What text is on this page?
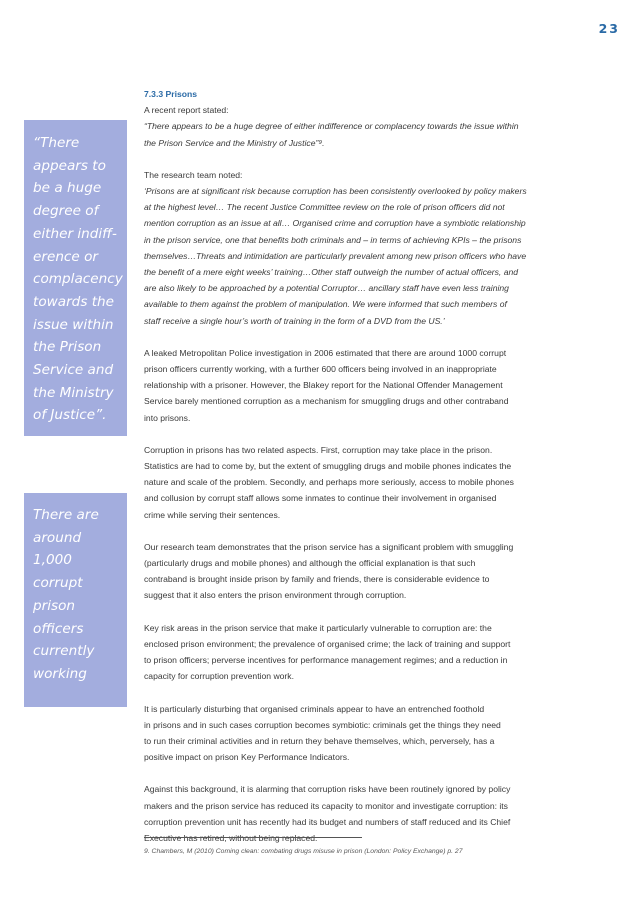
23
“There
appears to
be a huge
degree of
either indiff-
erence or
complacency
towards the
issue within
the Prison
Service and
the Ministry
of Justice”.
There are
around
1,000
corrupt
prison
officers
currently
working
7.3.3 Prisons
A recent report stated:
“There appears to be a huge degree of either indifference or complacency towards the issue within
the Prison Service and the Ministry of Justice”⁹.
The research team noted:
‘Prisons are at significant risk because corruption has been consistently overlooked by policy makers
at the highest level… The recent Justice Committee review on the role of prison officers did not
mention corruption as an issue at all… Organised crime and corruption have a symbiotic relationship
in the prison service, one that benefits both criminals and – in terms of achieving KPIs – the prisons
themselves…Threats and intimidation are particularly prevalent among new prison officers who have
the benefit of a mere eight weeks’ training…Other staff outweigh the number of actual officers, and
are also likely to be approached by a potential Corruptor… ancillary staff have even less training
available to them against the problem of manipulation. We were informed that such members of
staff receive a single hour’s worth of training in the form of a DVD from the US.’
A leaked Metropolitan Police investigation in 2006 estimated that there are around 1000 corrupt
prison officers currently working, with a further 600 officers being involved in an inappropriate
relationship with a prisoner. However, the Blakey report for the National Offender Management
Service barely mentioned corruption as a mechanism for smuggling drugs and other contraband
into prisons.
Corruption in prisons has two related aspects. First, corruption may take place in the prison.
Statistics are had to come by, but the extent of smuggling drugs and mobile phones indicates the
nature and scale of the problem. Secondly, and perhaps more seriously, access to mobile phones
and collusion by corrupt staff allows some inmates to continue their involvement in organised
crime while serving their sentences.
Our research team demonstrates that the prison service has a significant problem with smuggling
(particularly drugs and mobile phones) and although the official explanation is that such
contraband is brought inside prison by family and friends, there is considerable evidence to
suggest that it also enters the prison environment through corruption.
Key risk areas in the prison service that make it particularly vulnerable to corruption are: the
enclosed prison environment; the prevalence of organised crime; the lack of training and support
to prison officers; perverse incentives for performance management regimes; and a reduction in
capacity for corruption prevention work.
It is particularly disturbing that organised criminals appear to have an entrenched foothold
in prisons and in such cases corruption becomes symbiotic: criminals get the things they need
to run their criminal activities and in return they behave themselves, which, perversely, has a
positive impact on prison Key Performance Indicators.
Against this background, it is alarming that corruption risks have been routinely ignored by policy
makers and the prison service has reduced its capacity to monitor and investigate corruption: its
corruption prevention unit has recently had its budget and numbers of staff reduced and its Chief
Executive has retired, without being replaced.
9. Chambers, M (2010) Coming clean: combating drugs misuse in prison (London: Policy Exchange) p. 27
